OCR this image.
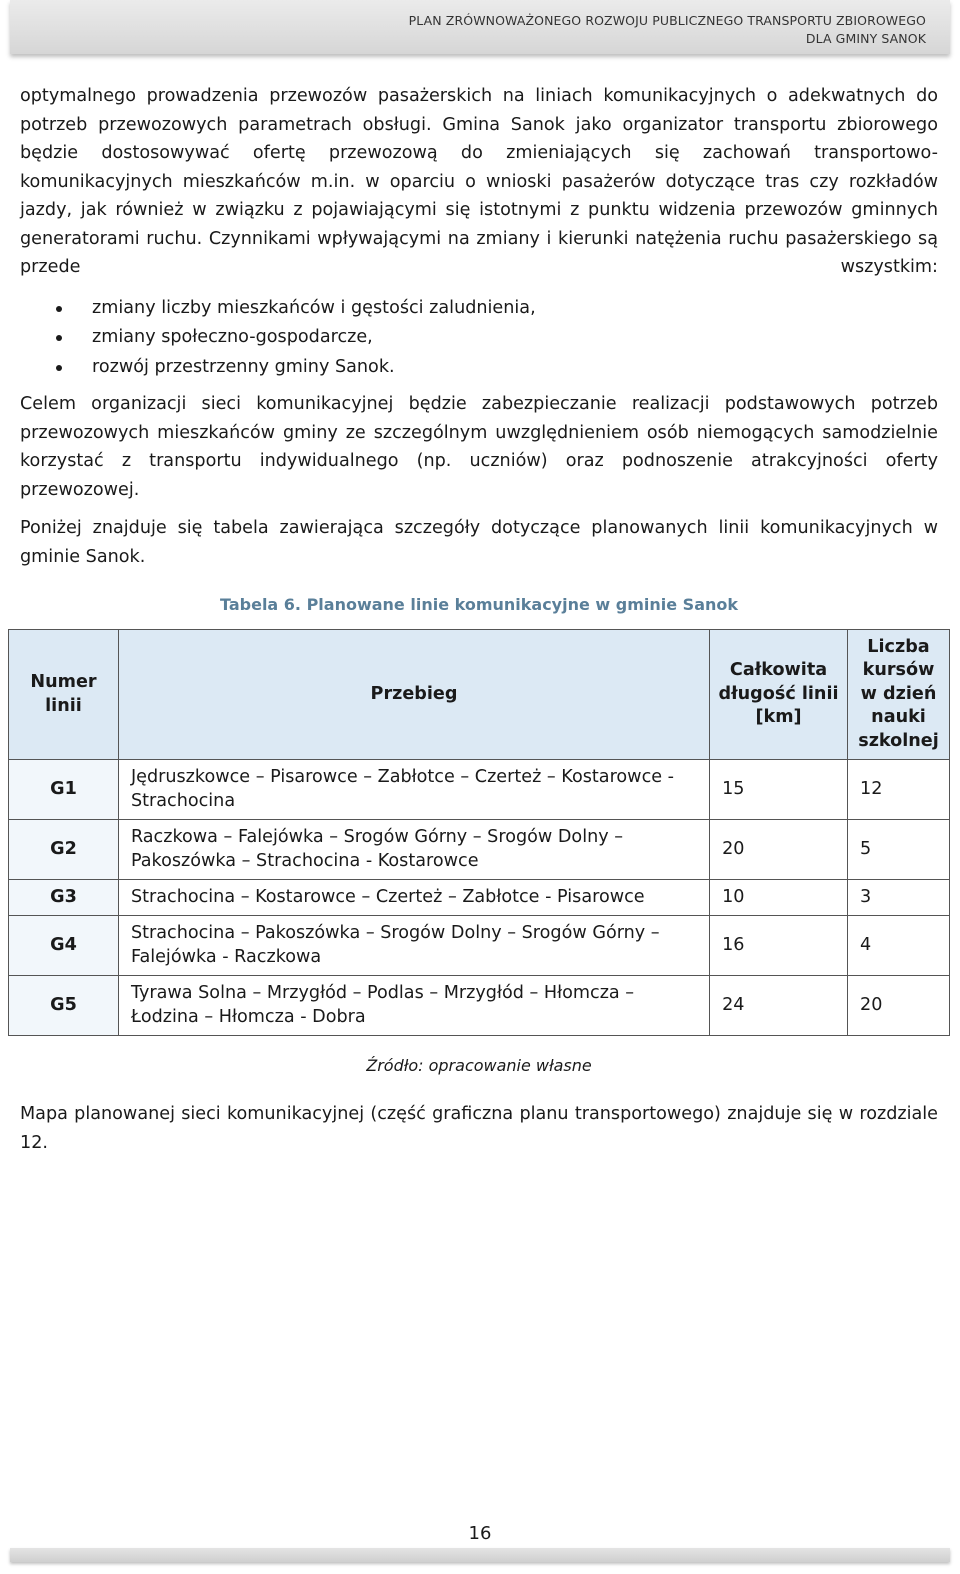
PLAN ZRÓWNOWAŻONEGO ROZWOJU PUBLICZNEGO TRANSPORTU ZBIOROWEGO
DLA GMINY SANOK

optymalnego prowadzenia przewozów pasażerskich na liniach komunikacyjnych o adekwatnych do potrzeb przewozowych parametrach obsługi. Gmina Sanok jako organizator transportu zbiorowego będzie dostosowywać ofertę przewozową do zmieniających się zachowań transportowo-komunikacyjnych mieszkańców m.in. w oparciu o wnioski pasażerów dotyczące tras czy rozkładów jazdy, jak również w związku z pojawiającymi się istotnymi z punktu widzenia przewozów gminnych generatorami ruchu. Czynnikami wpływającymi na zmiany i kierunki natężenia ruchu pasażerskiego są przede wszystkim:

zmiany liczby mieszkańców i gęstości zaludnienia,
zmiany społeczno-gospodarcze,
rozwój przestrzenny gminy Sanok.

Celem organizacji sieci komunikacyjnej będzie zabezpieczanie realizacji podstawowych potrzeb przewozowych mieszkańców gminy ze szczególnym uwzględnieniem osób niemogących samodzielnie korzystać z transportu indywidualnego (np. uczniów) oraz podnoszenie atrakcyjności oferty przewozowej.

Poniżej znajduje się tabela zawierająca szczegóły dotyczące planowanych linii komunikacyjnych w gminie Sanok.

Tabela 6. Planowane linie komunikacyjne w gminie Sanok
Numer linii	Przebieg	Całkowita długość linii [km]	Liczba kursów w dzień nauki szkolnej
G1	Jędruszkowce – Pisarowce – Zabłotce – Czerteż – Kostarowce - Strachocina	15	12
G2	Raczkowa – Falejówka – Srogów Górny – Srogów Dolny – Pakoszówka – Strachocina - Kostarowce	20	5
G3	Strachocina – Kostarowce – Czerteż – Zabłotce - Pisarowce	10	3
G4	Strachocina – Pakoszówka – Srogów Dolny – Srogów Górny – Falejówka - Raczkowa	16	4
G5	Tyrawa Solna – Mrzygłód – Podlas – Mrzygłód – Hłomcza – Łodzina – Hłomcza - Dobra	24	20
Źródło: opracowanie własne

Mapa planowanej sieci komunikacyjnej (część graficzna planu transportowego) znajduje się w rozdziale 12.

16
